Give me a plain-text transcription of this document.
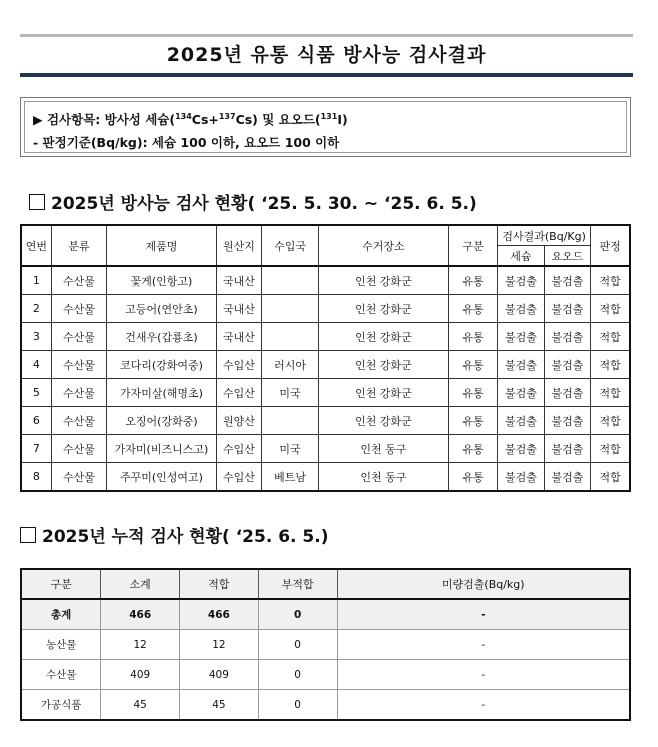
2025년 유통 식품 방사능 검사결과
▶ 검사항목: 방사성 세슘($^{134}$Cs+$^{137}$Cs) 및 요오드($^{131}$I)
- 판정기준(Bq/kg): 세슘 100 이하, 요오드 100 이하
2025년 방사능 검사 현황( ‘25. 5. 30. ~ ‘25. 6. 5.)
연번	분류	제품명	원산지	수입국	수거장소	구분	검사결과(Bq/Kg)		판정
							세슘	요오드	
1	수산물	꽃게(인항고)	국내산		인천 강화군	유통	불검출	불검출	적합
2	수산물	고등어(연안초)	국내산		인천 강화군	유통	불검출	불검출	적합
3	수산물	건새우(갑룡초)	국내산		인천 강화군	유통	불검출	불검출	적합
4	수산물	코다리(강화여중)	수입산	러시아	인천 강화군	유통	불검출	불검출	적합
5	수산물	가자미살(해명초)	수입산	미국	인천 강화군	유통	불검출	불검출	적합
6	수산물	오징어(강화중)	원양산		인천 강화군	유통	불검출	불검출	적합
7	수산물	가자미(비즈니스고)	수입산	미국	인천 동구	유통	불검출	불검출	적합
8	수산물	주꾸미(인성여고)	수입산	베트남	인천 동구	유통	불검출	불검출	적합
2025년 누적 검사 현황( ‘25. 6. 5.)
구분	소계	적합	부적합	미량검출(Bq/kg)
총계	466	466	0	-
농산물	12	12	0	-
수산물	409	409	0	-
가공식품	45	45	0	-
